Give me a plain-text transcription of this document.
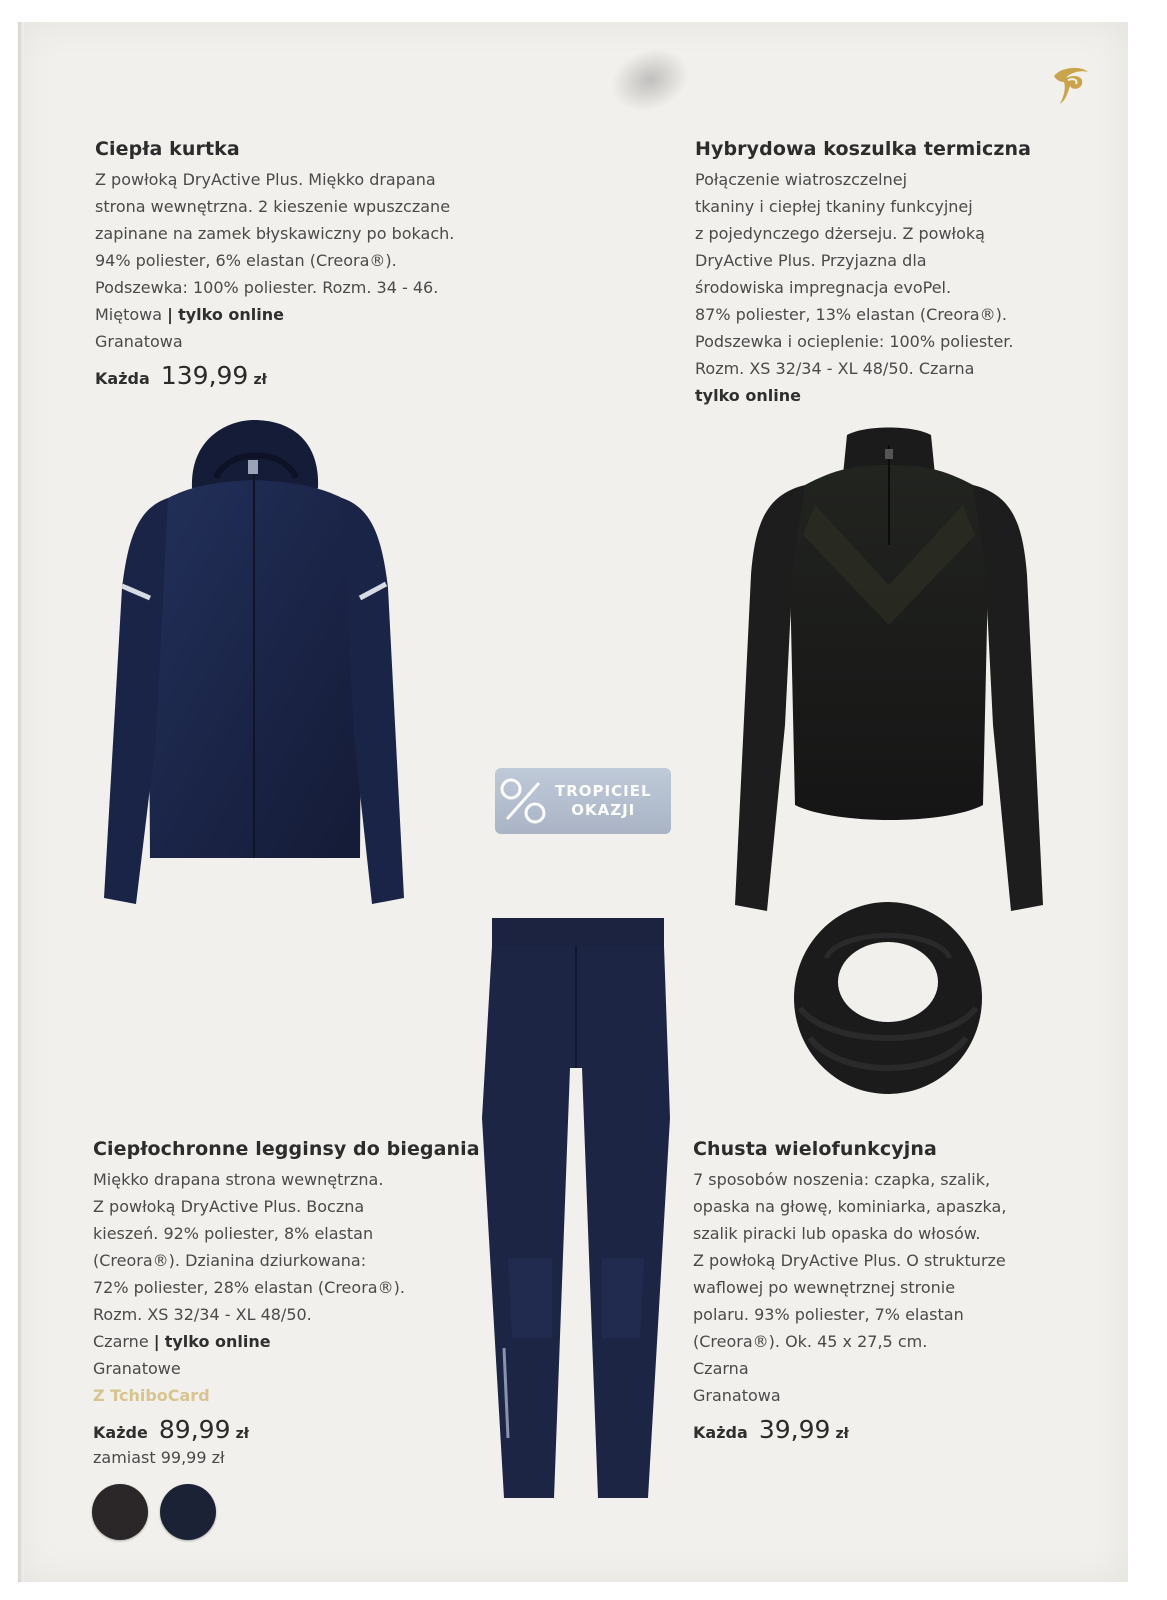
Ciepła kurtka
Z powłoką DryActive Plus. Miękko drapana
strona wewnętrzna. 2 kieszenie wpuszczane
zapinane na zamek błyskawiczny po bokach.
94% poliester, 6% elastan (Creora®).
Podszewka: 100% poliester. Rozm. 34 - 46.
Miętowa | tylko online
Granatowa
Każda 139,99 zł
Hybrydowa koszulka termiczna
Połączenie wiatroszczelnej
tkaniny i ciepłej tkaniny funkcyjnej
z pojedynczego dżerseju. Z powłoką
DryActive Plus. Przyjazna dla
środowiska impregnacja evoPel.
87% poliester, 13% elastan (Creora®).
Podszewka i ocieplenie: 100% poliester.
Rozm. XS 32/34 - XL 48/50. Czarna
tylko online
Ciepłochronne legginsy do biegania
Miękko drapana strona wewnętrzna.
Z powłoką DryActive Plus. Boczna
kieszeń. 92% poliester, 8% elastan
(Creora®). Dzianina dziurkowana:
72% poliester, 28% elastan (Creora®).
Rozm. XS 32/34 - XL 48/50.
Czarne | tylko online
Granatowe
Z TchiboCard
Każde 89,99 zł
zamiast 99,99 zł
Chusta wielofunkcyjna
7 sposobów noszenia: czapka, szalik,
opaska na głowę, kominiarka, apaszka,
szalik piracki lub opaska do włosów.
Z powłoką DryActive Plus. O strukturze
waflowej po wewnętrznej stronie
polaru. 93% poliester, 7% elastan
(Creora®). Ok. 45 x 27,5 cm.
Czarna
Granatowa
Każda 39,99 zł
TROPICIEL
OKAZJI
